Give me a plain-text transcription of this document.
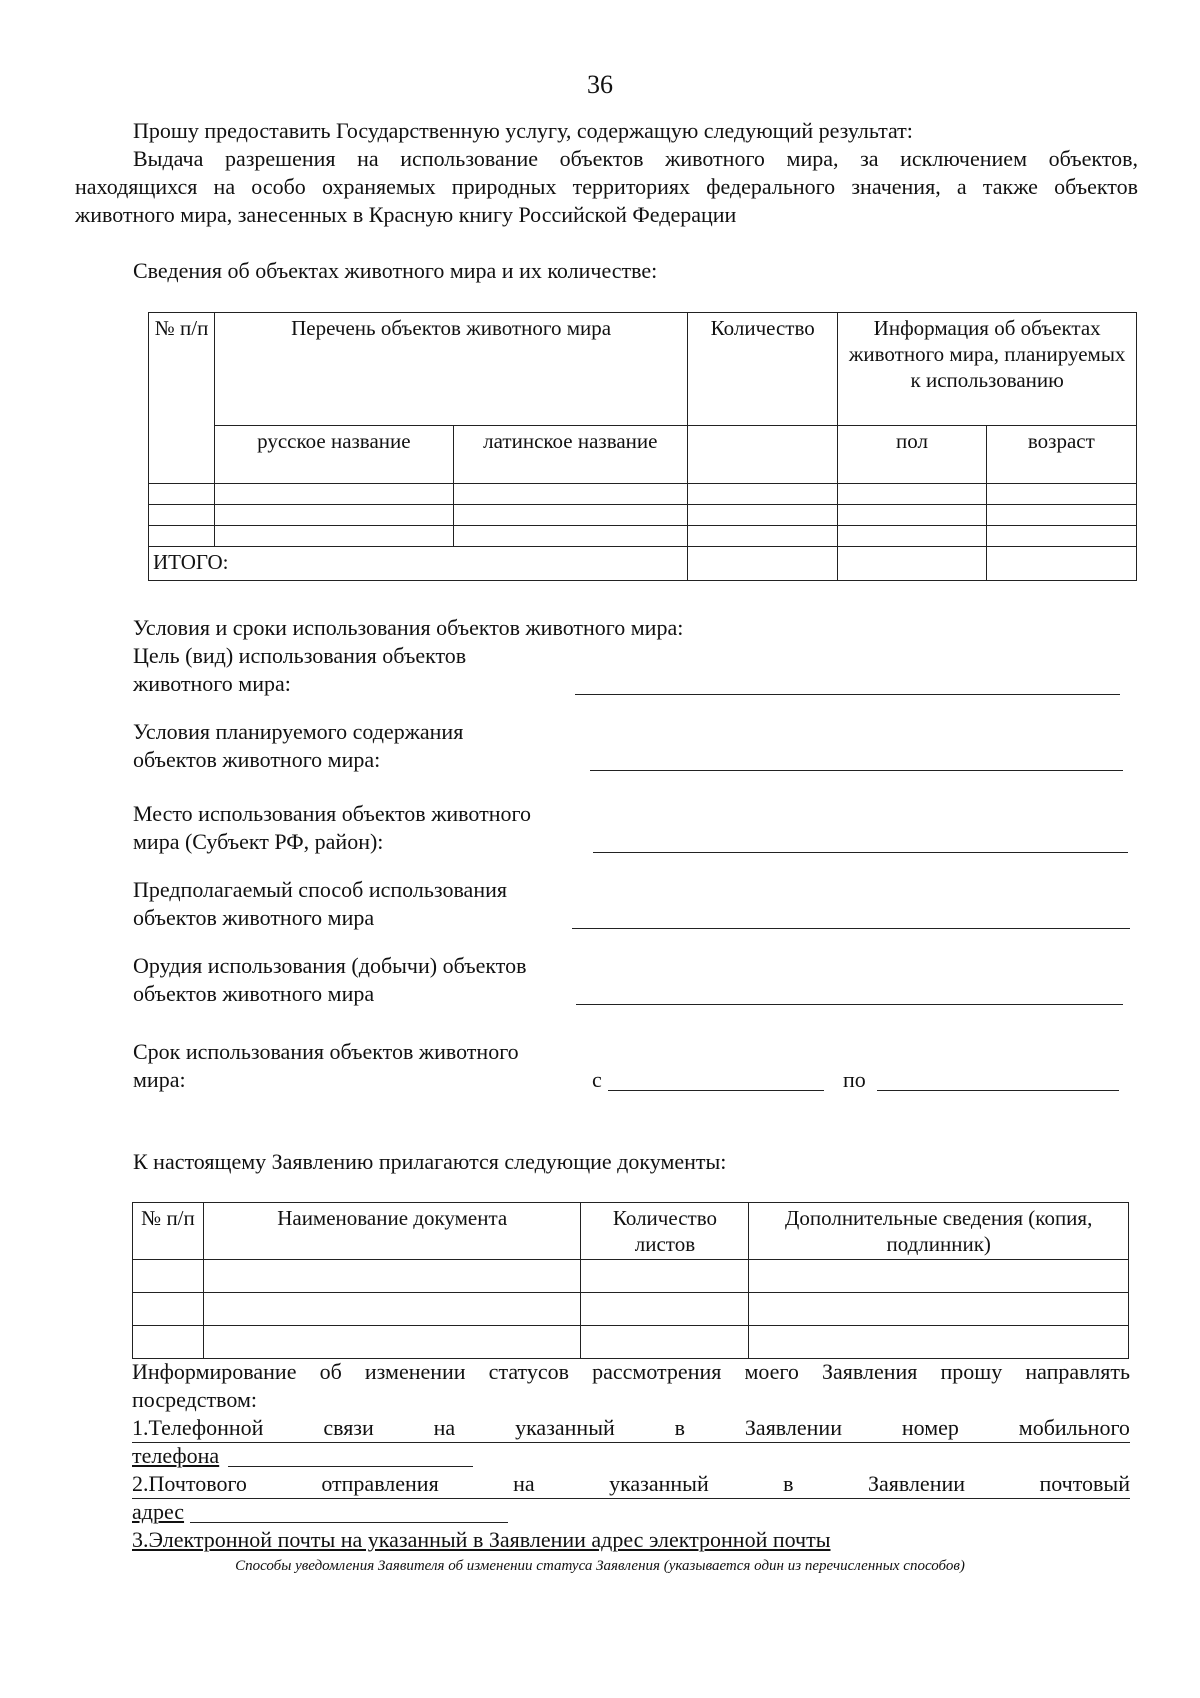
36
Прошу предоставить Государственную услугу, содержащую следующий результат:
Выдача разрешения на использование объектов животного мира, за исключением объектов,
находящихся на особо охраняемых природных территориях федерального значения, а также объектов
животного мира, занесенных в Красную книгу Российской Федерации
Сведения об объектах животного мира и их количестве:
№ п/п	Перечень объектов животного мира		Количество	Информация об объектах животного мира, планируемых к использованию	
	русское название	латинское название		пол	возраст

ИТОГО:					
Условия и сроки использования объектов животного мира:
Цель (вид) использования объектов
животного мира:
Условия планируемого содержания
объектов животного мира:
Место использования объектов животного
мира (Субъект РФ, район):
Предполагаемый способ использования
объектов животного мира
Орудия использования (добычи) объектов
объектов животного мира
Срок использования объектов животного
мира:	с	по
К настоящему Заявлению прилагаются следующие документы:
№ п/п	Наименование документа	Количество листов	Дополнительные сведения (копия, подлинник)

Информирование об изменении статусов рассмотрения моего Заявления прошу направлять
посредством:
1.Телефонной	связи	на	указанный	в	Заявлении	номер	мобильного
телефона
2.Почтового	отправления	на	указанный	в	Заявлении	почтовый
адрес
3.Электронной почты на указанный в Заявлении адрес электронной почты
Способы уведомления Заявителя об изменении статуса Заявления (указывается один из перечисленных способов)
